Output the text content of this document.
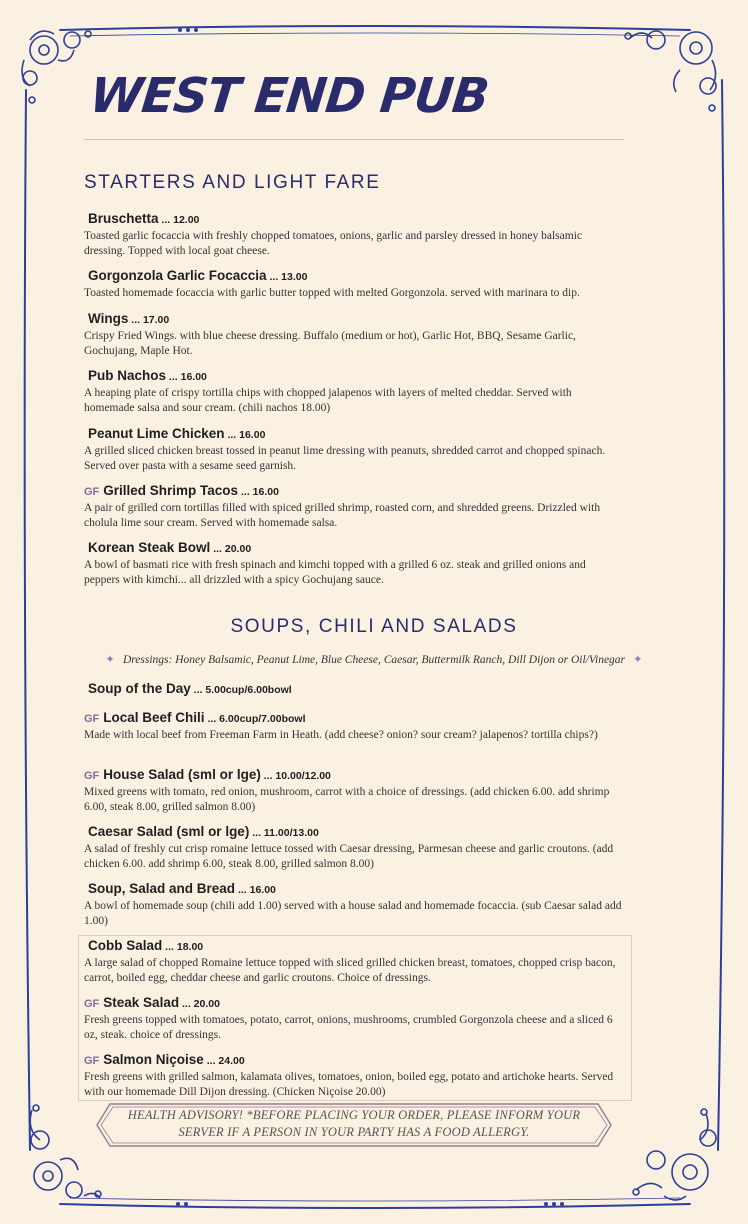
WEST END PUB
STARTERS AND LIGHT FARE
Bruschetta ... 12.00
Toasted garlic focaccia with freshly chopped tomatoes, onions, garlic and parsley dressed in honey balsamic dressing. Topped with local goat cheese.
Gorgonzola Garlic Focaccia ... 13.00
Toasted homemade focaccia with garlic butter topped with melted Gorgonzola. served with marinara to dip.
Wings ... 17.00
Crispy Fried Wings. with blue cheese dressing. Buffalo (medium or hot), Garlic Hot, BBQ, Sesame Garlic, Gochujang, Maple Hot.
Pub Nachos ... 16.00
A heaping plate of crispy tortilla chips with chopped jalapenos with layers of melted cheddar. Served with homemade salsa and sour cream. (chili nachos 18.00)
Peanut Lime Chicken ... 16.00
A grilled sliced chicken breast tossed in peanut lime dressing with peanuts, shredded carrot and chopped spinach. Served over pasta with a sesame seed garnish.
GF Grilled Shrimp Tacos ... 16.00
A pair of grilled corn tortillas filled with spiced grilled shrimp, roasted corn, and shredded greens. Drizzled with cholula lime sour cream. Served with homemade salsa.
Korean Steak Bowl ... 20.00
A bowl of basmati rice with fresh spinach and kimchi topped with a grilled 6 oz. steak and grilled onions and peppers with kimchi... all drizzled with a spicy Gochujang sauce.
SOUPS, CHILI AND SALADS
✦ Dressings: Honey Balsamic, Peanut Lime, Blue Cheese, Caesar, Buttermilk Ranch, Dill Dijon or Oil/Vinegar ✦
Soup of the Day ... 5.00cup/6.00bowl
GF Local Beef Chili ... 6.00cup/7.00bowl
Made with local beef from Freeman Farm in Heath. (add cheese? onion? sour cream? jalapenos? tortilla chips?)
GF House Salad (sml or lge) ... 10.00/12.00
Mixed greens with tomato, red onion, mushroom, carrot with a choice of dressings. (add chicken 6.00. add shrimp 6.00, steak 8.00, grilled salmon 8.00)
Caesar Salad (sml or lge) ... 11.00/13.00
A salad of freshly cut crisp romaine lettuce tossed with Caesar dressing, Parmesan cheese and garlic croutons. (add chicken 6.00. add shrimp 6.00, steak 8.00, grilled salmon 8.00)
Soup, Salad and Bread ... 16.00
A bowl of homemade soup (chili add 1.00) served with a house salad and homemade focaccia. (sub Caesar salad add 1.00)
Cobb Salad ... 18.00
A large salad of chopped Romaine lettuce topped with sliced grilled chicken breast, tomatoes, chopped crisp bacon, carrot, boiled egg, cheddar cheese and garlic croutons. Choice of dressings.
GF Steak Salad ... 20.00
Fresh greens topped with tomatoes, potato, carrot, onions, mushrooms, crumbled Gorgonzola cheese and a sliced 6 oz, steak. choice of dressings.
GF Salmon Niçoise ... 24.00
Fresh greens with grilled salmon, kalamata olives, tomatoes, onion, boiled egg, potato and artichoke hearts. Served with our homemade Dill Dijon dressing. (Chicken Niçoise 20.00)
HEALTH ADVISORY! *BEFORE PLACING YOUR ORDER, PLEASE INFORM YOUR
SERVER IF A PERSON IN YOUR PARTY HAS A FOOD ALLERGY.
